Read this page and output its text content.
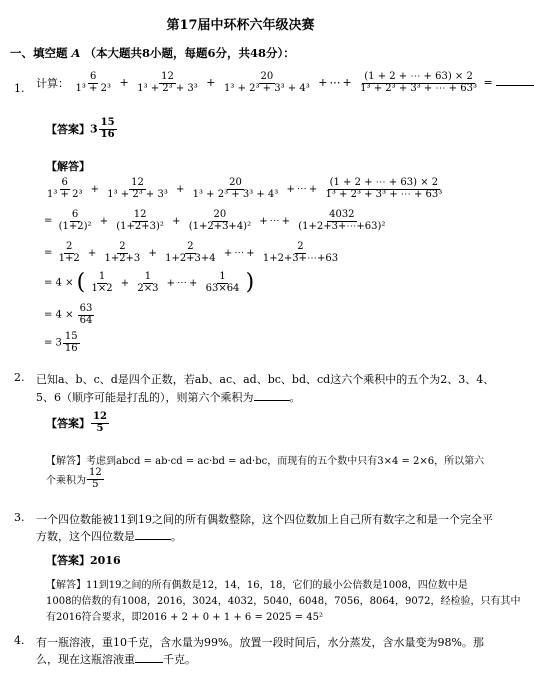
第17届中环杯六年级决赛
一、填空题 A （本大题共8小题，每题6分，共48分）：
1. 计算： $\frac{6}{\text{1³ + 2³}} + \frac{12}{\text{1³ + 2³ + 3³}} + \frac{20}{\text{1³ + 2³ + 3³ + 4³}}$ + ⋯ + $\frac{(1 + 2 + \cdots + 63) \times 2}{\text{1³ + 2³ + 3³ + ⋯ + 63³}}$ =
【答案】$3 \frac{15}{16}$
【解答】
$\frac{6}{\text{1³ + 2³}} + \frac{12}{\text{1³ + 2³ + 3³}} + \frac{20}{\text{1³ + 2³ + 3³ + 4³}}$ + ⋯ + $\frac{(1 + 2 + \cdots + 63) \times 2}{\text{1³ + 2³ + 3³ + ⋯ + 63³}}$
= $\frac{6}{\text{(1+2)²}} + \frac{12}{\text{(1+2+3)²}} + \frac{20}{\text{(1+2+3+4)²}}$ + ⋯ + $\frac{4032}{\text{(1+2+3+⋯+63)²}}$
= $\frac{2}{1+2} + \frac{2}{1+2+3} + \frac{2}{1+2+3+4}$ + ⋯ + $\frac{2}{1+2+3+\cdots+63}$
= 4 × ( $\frac{1}{1\times 2} + \frac{1}{2\times 3}$ + ⋯ + $\frac{1}{63\times 64}$ )
= $4 \times \frac{63}{64}$
= $3 \frac{15}{16}$
2. 已知a、b、c、d是四个正数，若ab、ac、ad、bc、bd、cd这六个乘积中的五个为2、3、4、
5、6（顺序可能是打乱的），则第六个乘积为	。
【答案】 $\frac{12}{5}$
【解答】考虑到abcd = ab·cd = ac·bd = ad·bc，而现有的五个数中只有3×4 = 2×6，所以第六
个乘积为 $\frac{12}{5}$
3. 一个四位数能被11到19之间的所有偶数整除，这个四位数加上自己所有数字之和是一个完全平
方数，这个四位数是	。
【答案】2016
【解答】11到19之间的所有偶数是12，14，16，18，它们的最小公倍数是1008，四位数中是
1008的倍数的有1008，2016，3024，4032，5040，6048，7056，8064，9072，经检验，只有其中
有2016符合要求，即2016 + 2 + 0 + 1 + 6 = 2025 = 45²
4. 有一瓶溶液，重10千克，含水量为99%。放置一段时间后，水分蒸发，含水量变为98%。那
么，现在这瓶溶液重	千克。
